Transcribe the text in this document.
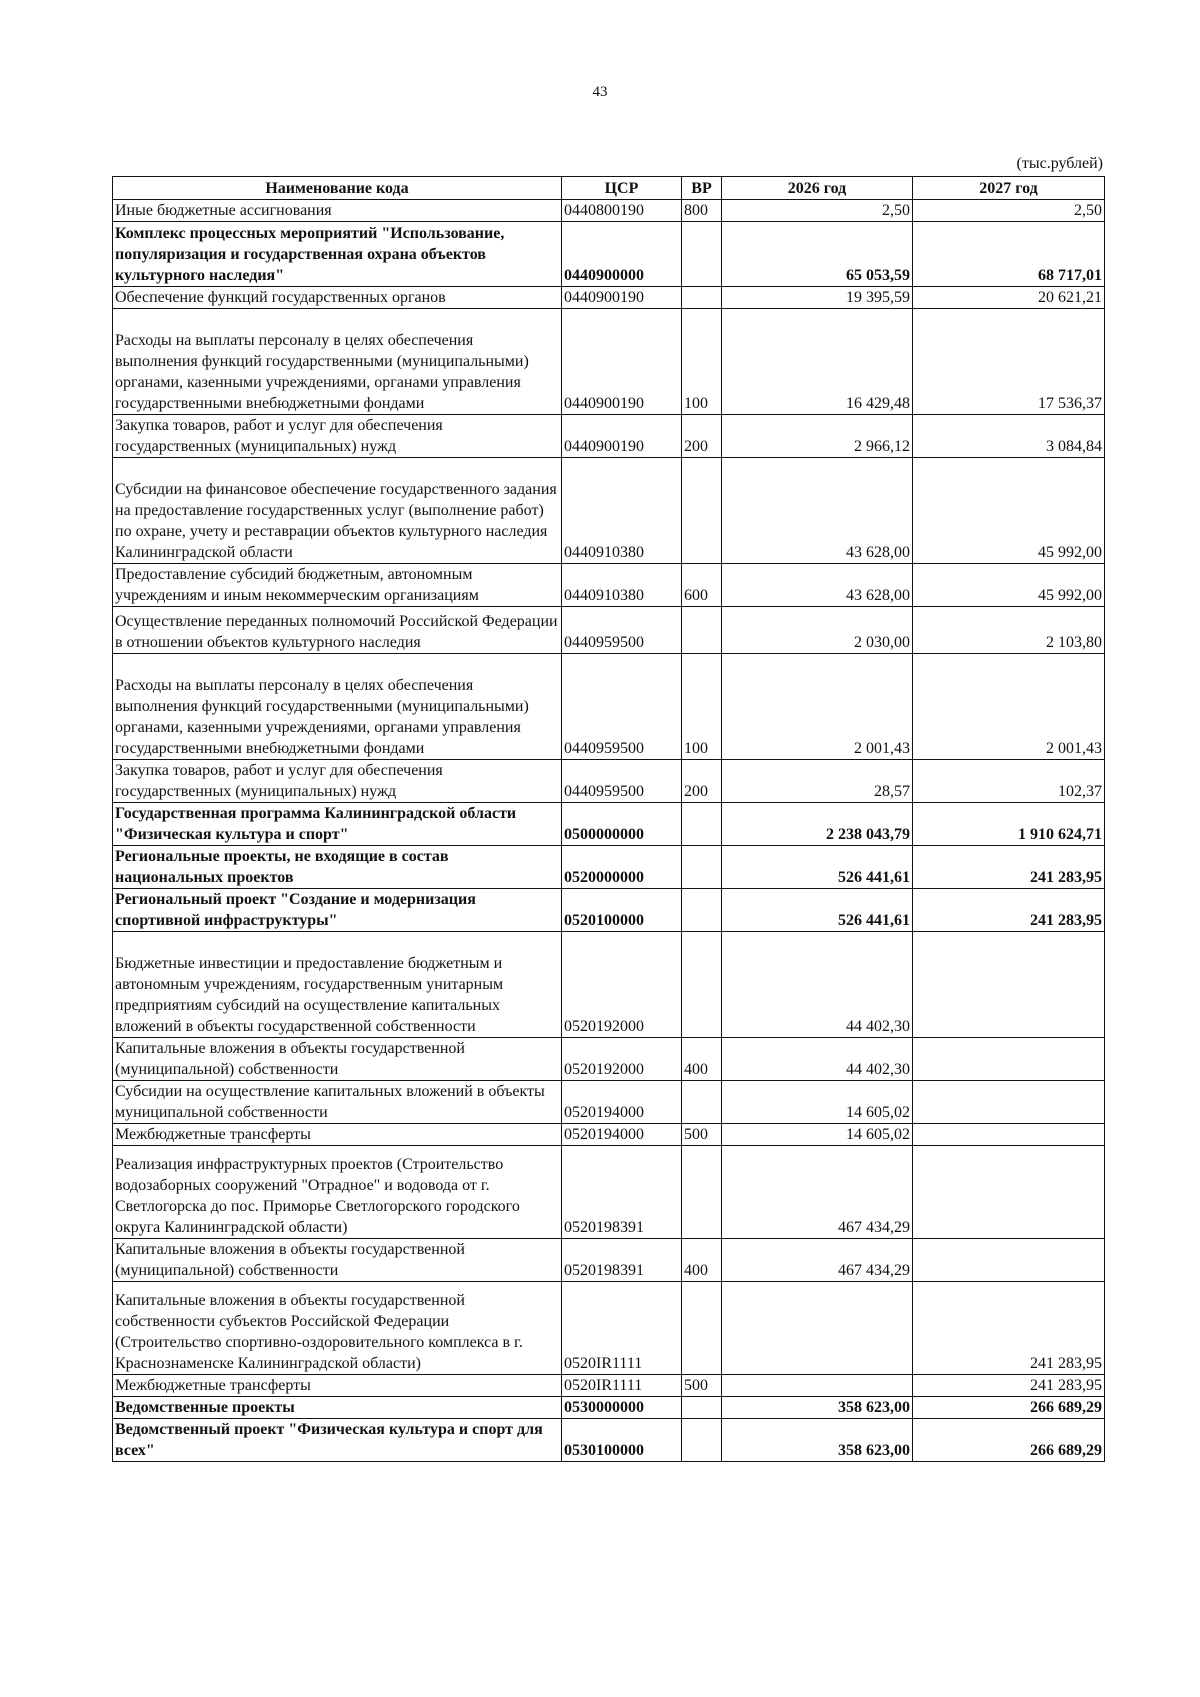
43
(тыс.рублей)
Наименование кода	ЦСР	ВР	2026 год	2027 год
Иные бюджетные ассигнования	0440800190	800	2,50	2,50
Комплекс процессных мероприятий "Использование, популяризация и государственная охрана объектов культурного наследия"	0440900000		65 053,59	68 717,01
Обеспечение функций государственных органов	0440900190		19 395,59	20 621,21
Расходы на выплаты персоналу в целях обеспечения выполнения функций государственными (муниципальными) органами, казенными учреждениями, органами управления государственными внебюджетными фондами	0440900190	100	16 429,48	17 536,37
Закупка товаров, работ и услуг для обеспечения государственных (муниципальных) нужд	0440900190	200	2 966,12	3 084,84
Субсидии на финансовое обеспечение государственного задания на предоставление государственных услуг (выполнение работ) по охране, учету и реставрации объектов культурного наследия Калининградской области	0440910380		43 628,00	45 992,00
Предоставление субсидий бюджетным, автономным учреждениям и иным некоммерческим организациям	0440910380	600	43 628,00	45 992,00
Осуществление переданных полномочий Российской Федерации в отношении объектов культурного наследия	0440959500		2 030,00	2 103,80
Расходы на выплаты персоналу в целях обеспечения выполнения функций государственными (муниципальными) органами, казенными учреждениями, органами управления государственными внебюджетными фондами	0440959500	100	2 001,43	2 001,43
Закупка товаров, работ и услуг для обеспечения государственных (муниципальных) нужд	0440959500	200	28,57	102,37
Государственная программа Калининградской области "Физическая культура и спорт"	0500000000		2 238 043,79	1 910 624,71
Региональные проекты, не входящие в состав национальных проектов	0520000000		526 441,61	241 283,95
Региональный проект "Создание и модернизация спортивной инфраструктуры"	0520100000		526 441,61	241 283,95
Бюджетные инвестиции и предоставление бюджетным и автономным учреждениям, государственным унитарным предприятиям субсидий на осуществление капитальных вложений в объекты государственной собственности	0520192000		44 402,30	
Капитальные вложения в объекты государственной (муниципальной) собственности	0520192000	400	44 402,30	
Субсидии на осуществление капитальных вложений в объекты муниципальной собственности	0520194000		14 605,02	
Межбюджетные трансферты	0520194000	500	14 605,02	
Реализация инфраструктурных проектов (Строительство водозаборных сооружений "Отрадное" и водовода от г. Светлогорска до пос. Приморье Светлогорского городского округа Калининградской области)	0520198391		467 434,29	
Капитальные вложения в объекты государственной (муниципальной) собственности	0520198391	400	467 434,29	
Капитальные вложения в объекты государственной собственности субъектов Российской Федерации (Строительство спортивно-оздоровительного комплекса в г. Краснознаменске Калининградской области)	0520IR1111			241 283,95
Межбюджетные трансферты	0520IR1111	500		241 283,95
Ведомственные проекты	0530000000		358 623,00	266 689,29
Ведомственный проект "Физическая культура и спорт для всех"	0530100000		358 623,00	266 689,29
